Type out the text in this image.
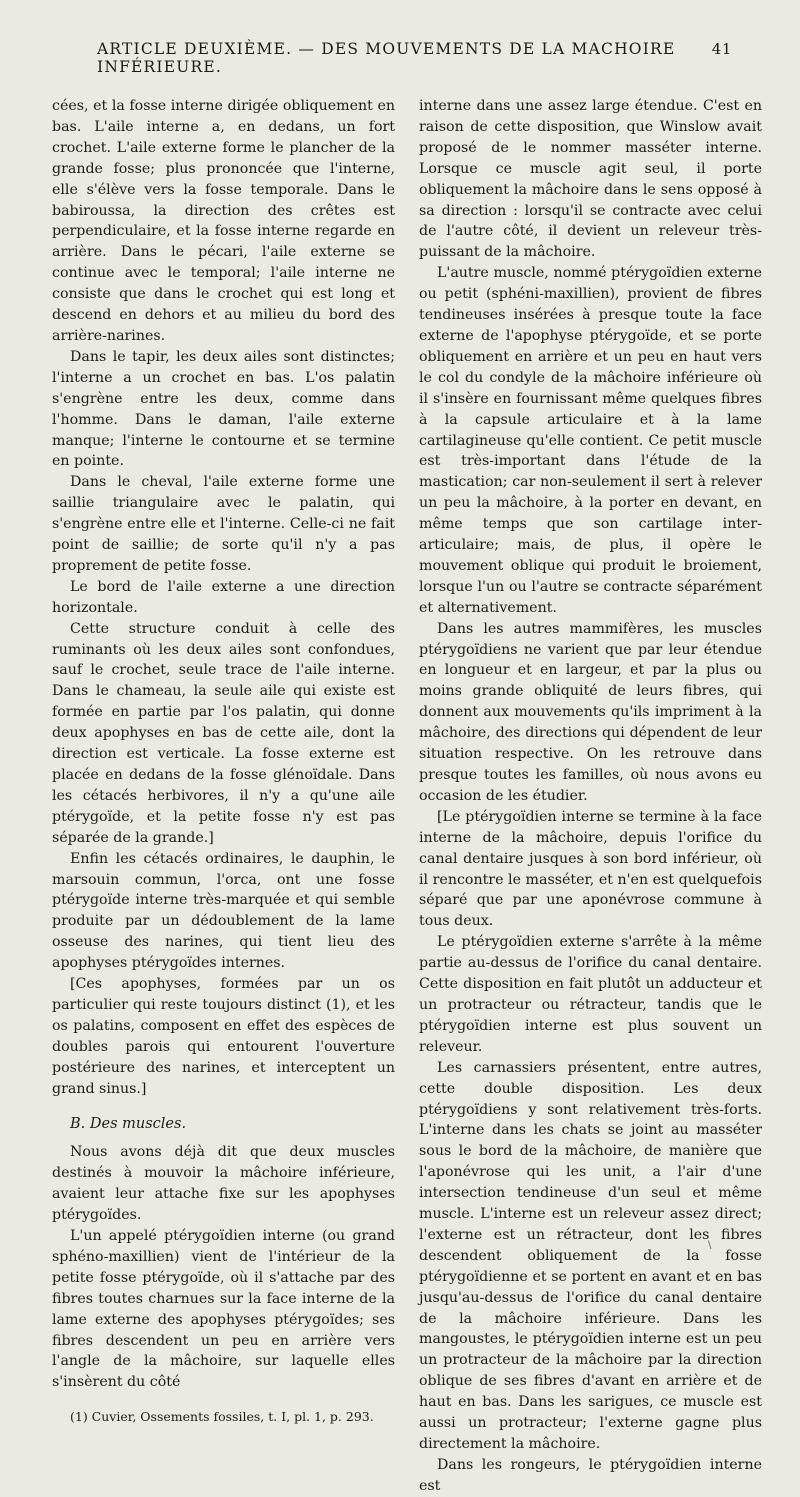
ARTICLE DEUXIÈME. — DES MOUVEMENTS DE LA MACHOIRE INFÉRIEURE.
41

cées, et la fosse interne dirigée obliquement en bas. L'aile interne a, en dedans, un fort crochet. L'aile externe forme le plancher de la grande fosse; plus prononcée que l'interne, elle s'élève vers la fosse temporale. Dans le babiroussa, la direction des crêtes est perpendiculaire, et la fosse interne regarde en arrière. Dans le pécari, l'aile externe se continue avec le temporal; l'aile interne ne consiste que dans le crochet qui est long et descend en dehors et au milieu du bord des arrière-narines.

Dans le tapir, les deux ailes sont distinctes; l'interne a un crochet en bas. L'os palatin s'engrène entre les deux, comme dans l'homme. Dans le daman, l'aile externe manque; l'interne le contourne et se termine en pointe.

Dans le cheval, l'aile externe forme une saillie triangulaire avec le palatin, qui s'engrène entre elle et l'interne. Celle-ci ne fait point de saillie; de sorte qu'il n'y a pas proprement de petite fosse.

Le bord de l'aile externe a une direction horizontale.

Cette structure conduit à celle des ruminants où les deux ailes sont confondues, sauf le crochet, seule trace de l'aile interne. Dans le chameau, la seule aile qui existe est formée en partie par l'os palatin, qui donne deux apophyses en bas de cette aile, dont la direction est verticale. La fosse externe est placée en dedans de la fosse glénoïdale. Dans les cétacés herbivores, il n'y a qu'une aile ptérygoïde, et la petite fosse n'y est pas séparée de la grande.]

Enfin les cétacés ordinaires, le dauphin, le marsouin commun, l'orca, ont une fosse ptérygoïde interne très-marquée et qui semble produite par un dédoublement de la lame osseuse des narines, qui tient lieu des apophyses ptérygoïdes internes.

[Ces apophyses, formées par un os particulier qui reste toujours distinct (1), et les os palatins, composent en effet des espèces de doubles parois qui entourent l'ouverture postérieure des narines, et interceptent un grand sinus.]

B. Des muscles.

Nous avons déjà dit que deux muscles destinés à mouvoir la mâchoire inférieure, avaient leur attache fixe sur les apophyses ptérygoïdes.

L'un appelé ptérygoïdien interne (ou grand sphéno-maxillien) vient de l'intérieur de la petite fosse ptérygoïde, où il s'attache par des fibres toutes charnues sur la face interne de la lame externe des apophyses ptérygoïdes; ses fibres descendent un peu en arrière vers l'angle de la mâchoire, sur laquelle elles s'insèrent du côté

(1) Cuvier, Ossements fossiles, t. I, pl. 1, p. 293.

interne dans une assez large étendue. C'est en raison de cette disposition, que Winslow avait proposé de le nommer masséter interne. Lorsque ce muscle agit seul, il porte obliquement la mâchoire dans le sens opposé à sa direction : lorsqu'il se contracte avec celui de l'autre côté, il devient un releveur très-puissant de la mâchoire.

L'autre muscle, nommé ptérygoïdien externe ou petit (sphéni-maxillien), provient de fibres tendineuses insérées à presque toute la face externe de l'apophyse ptérygoïde, et se porte obliquement en arrière et un peu en haut vers le col du condyle de la mâchoire inférieure où il s'insère en fournissant même quelques fibres à la capsule articulaire et à la lame cartilagineuse qu'elle contient. Ce petit muscle est très-important dans l'étude de la mastication; car non-seulement il sert à relever un peu la mâchoire, à la porter en devant, en même temps que son cartilage inter-articulaire; mais, de plus, il opère le mouvement oblique qui produit le broiement, lorsque l'un ou l'autre se contracte séparément et alternativement.

Dans les autres mammifères, les muscles ptérygoïdiens ne varient que par leur étendue en longueur et en largeur, et par la plus ou moins grande obliquité de leurs fibres, qui donnent aux mouvements qu'ils impriment à la mâchoire, des directions qui dépendent de leur situation respective. On les retrouve dans presque toutes les familles, où nous avons eu occasion de les étudier.

[Le ptérygoïdien interne se termine à la face interne de la mâchoire, depuis l'orifice du canal dentaire jusques à son bord inférieur, où il rencontre le masséter, et n'en est quelquefois séparé que par une aponévrose commune à tous deux.

Le ptérygoïdien externe s'arrête à la même partie au-dessus de l'orifice du canal dentaire. Cette disposition en fait plutôt un adducteur et un protracteur ou rétracteur, tandis que le ptérygoïdien interne est plus souvent un releveur.

Les carnassiers présentent, entre autres, cette double disposition. Les deux ptérygoïdiens y sont relativement très-forts. L'interne dans les chats se joint au masséter sous le bord de la mâchoire, de manière que l'aponévrose qui les unit, a l'air d'une intersection tendineuse d'un seul et même muscle. L'interne est un releveur assez direct; l'externe est un rétracteur, dont les fibres descendent obliquement de la fosse ptérygoïdienne et se portent en avant et en bas jusqu'au-dessus de l'orifice du canal dentaire de la mâchoire inférieure. Dans les mangoustes, le ptérygoïdien interne est un peu un protracteur de la mâchoire par la direction oblique de ses fibres d'avant en arrière et de haut en bas. Dans les sarigues, ce muscle est aussi un protracteur; l'externe gagne plus directement la mâchoire.

Dans les rongeurs, le ptérygoïdien interne est

\
